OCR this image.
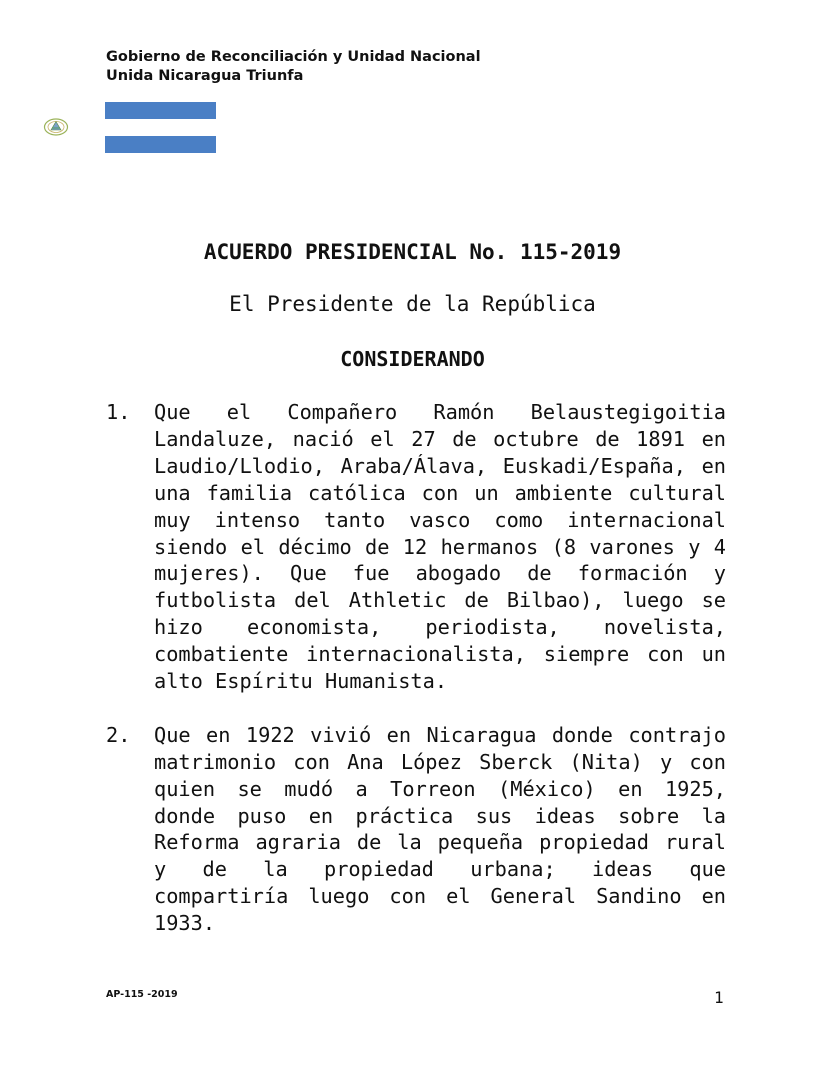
Gobierno de Reconciliación y Unidad Nacional
Unida Nicaragua Triunfa
ACUERDO PRESIDENCIAL No. 115-2019
El Presidente de la República
CONSIDERANDO
1. Que el Compañero Ramón Belaustegigoitia Landaluze, nació el 27 de octubre de 1891 en Laudio/Llodio, Araba/Álava, Euskadi/España, en una familia católica con un ambiente cultural muy intenso tanto vasco como internacional siendo el décimo de 12 hermanos (8 varones y 4 mujeres). Que fue abogado de formación y futbolista del Athletic de Bilbao), luego se hizo economista, periodista, novelista, combatiente internacionalista, siempre con un alto Espíritu Humanista.
2. Que en 1922 vivió en Nicaragua donde contrajo matrimonio con Ana López Sberck (Nita) y con quien se mudó a Torreon (México) en 1925, donde puso en práctica sus ideas sobre la Reforma agraria de la pequeña propiedad rural y de la propiedad urbana; ideas que compartiría luego con el General Sandino en 1933.
AP-115 -2019	1
